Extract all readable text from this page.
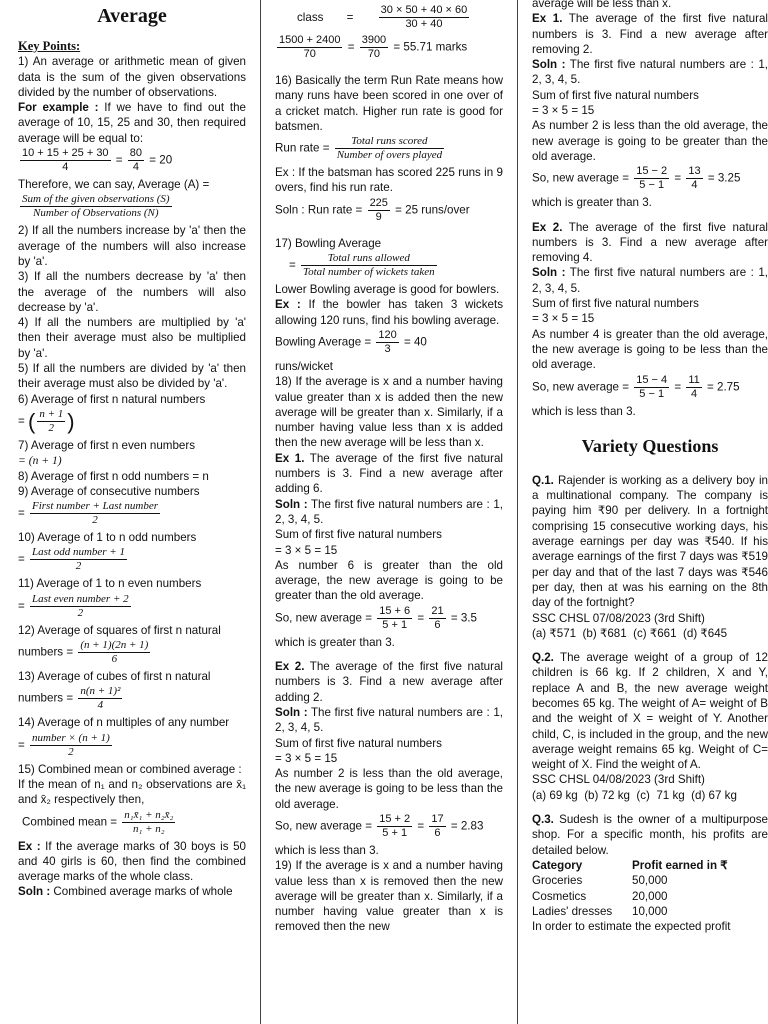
Average
Key Points:

1) An average or arithmetic mean of given data is the sum of the given observations divided by the number of observations.

For example : If we have to find out the average of 10, 15, 25 and 30, then required average will be equal to:

$\frac{10 + 15 + 25 + 30}{4} = \frac{80}{4} = 20$

Therefore, we can say, Average (A) =

$\frac{\text{Sum of the given observations (S)}}{\text{Number of Observations (N)}}$

2) If all the numbers increase by 'a' then the average of the numbers will also increase by 'a'.

3) If all the numbers decrease by 'a' then the average of the numbers will also decrease by 'a'.

4) If all the numbers are multiplied by 'a' then their average must also be multiplied by 'a'.

5) If all the numbers are divided by 'a' then their average must also be divided by 'a'.

6) Average of first n natural numbers

= ( $\frac{n + 1}{2}$ )

7) Average of first n even numbers

= (n + 1)

8) Average of first n odd numbers = n

9) Average of consecutive numbers

= $\frac{\text{First number + Last number}}{2}$

10) Average of 1 to n odd numbers

= $\frac{\text{Last odd number + 1}}{2}$

11) Average of 1 to n even numbers

= $\frac{\text{Last even number + 2}}{2}$

12) Average of squares of first n natural

numbers = $\frac{(n + 1)(2n + 1)}{6}$

13) Average of cubes of first n natural

numbers = $\frac{\text{n(n + 1)²}}{4}$

14) Average of n multiples of any number

= $\frac{\text{number × (n + 1)}}{2}$

15) Combined mean or combined average :

If the mean of n₁ and n₂ observations are x̄₁ and x̄₂ respectively then,

Combined mean = $\frac{\text{n₁x̄₁ + n₂x̄₂}}{\text{n₁ + n₂}}$

Ex : If the average marks of 30 boys is 50 and 40 girls is 60, then find the combined average marks of the whole class.

Soln : Combined average marks of whole

class = $\frac{30 \times 50 + 40 \times 60}{30 + 40}$
$\frac{1500 + 2400}{70} = \frac{3900}{70} = 55.71$ marks

16) Basically the term Run Rate means how many runs have been scored in one over of a cricket match. Higher run rate is good for batsmen.

Run rate = $\frac{\text{Total runs scored}}{\text{Number of overs played}}$

Ex : If the batsman has scored 225 runs in 9 overs, find his run rate.

Soln : Run rate = $\frac{225}{9} = 25$ runs/over

17) Bowling Average

= $\frac{\text{Total runs allowed}}{\text{Total number of wickets taken}}$

Lower Bowling average is good for bowlers.

Ex : If the bowler has taken 3 wickets allowing 120 runs, find his bowling average.

Bowling Average = $\frac{120}{3} = 40$

runs/wicket

18) If the average is x and a number having value greater than x is added then the new average will be greater than x. Similarly, if a number having value less than x is added then the new average will be less than x.

Ex 1. The average of the first five natural numbers is 3. Find a new average after adding 6.

Soln : The first five natural numbers are : 1, 2, 3, 4, 5.

Sum of first five natural numbers

= 3 × 5 = 15

As number 6 is greater than the old average, the new average is going to be greater than the old average.

So, new average = $\frac{15 + 6}{5 + 1} = \frac{21}{6} = 3.5$

which is greater than 3.

Ex 2. The average of the first five natural numbers is 3. Find a new average after adding 2.

Soln : The first five natural numbers are : 1, 2, 3, 4, 5.

Sum of first five natural numbers

= 3 × 5 = 15

As number 2 is less than the old average, the new average is going to be less than the old average.

So, new average = $\frac{15 + 2}{5 + 1} = \frac{17}{6} = 2.83$

which is less than 3.

19) If the average is x and a number having value less than x is removed then the new average will be greater than x. Similarly, if a number having value greater than x is removed then the new

average will be less than x.

Ex 1. The average of the first five natural numbers is 3. Find a new average after removing 2.

Soln : The first five natural numbers are : 1, 2, 3, 4, 5.

Sum of first five natural numbers

= 3 × 5 = 15

As number 2 is less than the old average, the new average is going to be greater than the old average.

So, new average = $\frac{15 - 2}{5 - 1} = \frac{13}{4} = 3.25$

which is greater than 3.

Ex 2. The average of the first five natural numbers is 3. Find a new average after removing 4.

Soln : The first five natural numbers are : 1, 2, 3, 4, 5.

Sum of first five natural numbers

= 3 × 5 = 15

As number 4 is greater than the old average, the new average is going to be less than the old average.

So, new average = $\frac{15 - 4}{5 - 1} = \frac{11}{4} = 2.75$

which is less than 3.

Variety Questions

Q.1. Rajender is working as a delivery boy in a multinational company. The company is paying him ₹90 per delivery. In a fortnight comprising 15 consecutive working days, his average earnings per day was ₹540. If his average earnings of the first 7 days was ₹519 per day and that of the last 7 days was ₹546 per day, then at was his earning on the 8th day of the fortnight?

SSC CHSL 07/08/2023 (3rd Shift)

(a) ₹571  (b) ₹681  (c) ₹661  (d) ₹645

Q.2. The average weight of a group of 12 children is 66 kg. If 2 children, X and Y, replace A and B, the new average weight becomes 65 kg. The weight of A= weight of B and the weight of X = weight of Y. Another child, C, is included in the group, and the new average weight remains 65 kg. Weight of C= weight of X. Find the weight of A.

SSC CHSL 04/08/2023 (3rd Shift)

(a) 69 kg  (b) 72 kg  (c)  71 kg  (d) 67 kg

Q.3. Sudesh is the owner of a multipurpose shop. For a specific month, his profits are detailed below.

Category	Profit earned in ₹
Groceries	50,000
Cosmetics	20,000
Ladies' dresses	10,000

In order to estimate the expected profit
